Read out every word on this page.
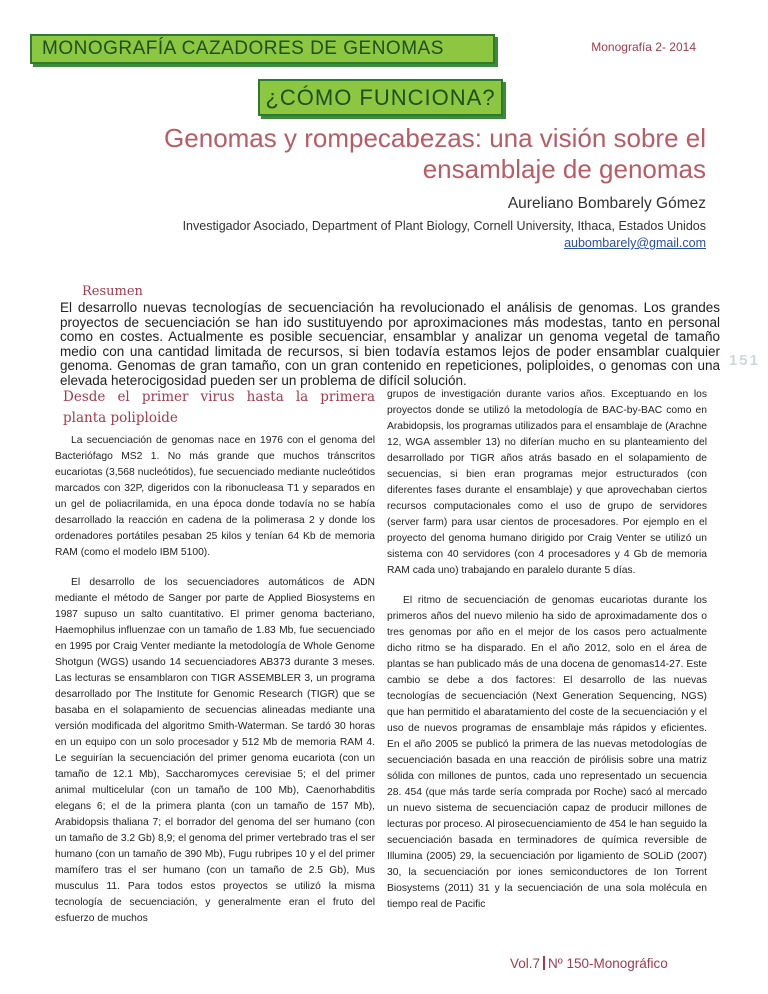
MONOGRAFÍA CAZADORES DE GENOMAS	Monografía 2- 2014
¿CÓMO FUNCIONA?
Genomas y rompecabezas: una visión sobre el ensamblaje de genomas
Aureliano Bombarely Gómez
Investigador Asociado, Department of Plant Biology, Cornell University, Ithaca, Estados Unidos
aubombarely@gmail.com
Resumen
El desarrollo nuevas tecnologías de secuenciación ha revolucionado el análisis de genomas. Los grandes proyectos de secuenciación se han ido sustituyendo por aproximaciones más modestas, tanto en personal como en costes. Actualmente es posible secuenciar, ensamblar y analizar un genoma vegetal de tamaño medio con una cantidad limitada de recursos, si bien todavía estamos lejos de poder ensamblar cualquier genoma. Genomas de gran tamaño, con un gran contenido en repeticiones, poliploides, o genomas con una elevada heterocigosidad pueden ser un problema de difícil solución.
151
Desde el primer virus hasta la primera planta poliploide

La secuenciación de genomas nace en 1976 con el genoma del Bacteriófago MS2 1. No más grande que muchos tránscritos eucariotas (3,568 nucleótidos), fue secuenciado mediante nucleótidos marcados con 32P, digeridos con la ribonucleasa T1 y separados en un gel de poliacrilamida, en una época donde todavía no se había desarrollado la reacción en cadena de la polimerasa 2 y donde los ordenadores portátiles pesaban 25 kilos y tenían 64 Kb de memoria RAM (como el modelo IBM 5100).

El desarrollo de los secuenciadores automáticos de ADN mediante el método de Sanger por parte de Applied Biosystems en 1987 supuso un salto cuantitativo. El primer genoma bacteriano, Haemophilus influenzae con un tamaño de 1.83 Mb, fue secuenciado en 1995 por Craig Venter mediante la metodología de Whole Genome Shotgun (WGS) usando 14 secuenciadores AB373 durante 3 meses. Las lecturas se ensamblaron con TIGR ASSEMBLER 3, un programa desarrollado por The Institute for Genomic Research (TIGR) que se basaba en el solapamiento de secuencias alineadas mediante una versión modificada del algoritmo Smith-Waterman. Se tardó 30 horas en un equipo con un solo procesador y 512 Mb de memoria RAM 4. Le seguirían la secuenciación del primer genoma eucariota (con un tamaño de 12.1 Mb), Saccharomyces cerevisiae 5; el del primer animal multicelular (con un tamaño de 100 Mb), Caenorhabditis elegans 6; el de la primera planta (con un tamaño de 157 Mb), Arabidopsis thaliana 7; el borrador del genoma del ser humano (con un tamaño de 3.2 Gb) 8,9; el genoma del primer vertebrado tras el ser humano (con un tamaño de 390 Mb), Fugu rubripes 10 y el del primer mamífero tras el ser humano (con un tamaño de 2.5 Gb), Mus musculus 11. Para todos estos proyectos se utilizó la misma tecnología de secuenciación, y generalmente eran el fruto del esfuerzo de muchos

grupos de investigación durante varios años. Exceptuando en los proyectos donde se utilizó la metodología de BAC-by-BAC como en Arabidopsis, los programas utilizados para el ensamblaje de (Arachne 12, WGA assembler 13) no diferían mucho en su planteamiento del desarrollado por TIGR años atrás basado en el solapamiento de secuencias, si bien eran programas mejor estructurados (con diferentes fases durante el ensamblaje) y que aprovechaban ciertos recursos computacionales como el uso de grupo de servidores (server farm) para usar cientos de procesadores. Por ejemplo en el proyecto del genoma humano dirigido por Craig Venter se utilizó un sistema con 40 servidores (con 4 procesadores y 4 Gb de memoria RAM cada uno) trabajando en paralelo durante 5 días.

El ritmo de secuenciación de genomas eucariotas durante los primeros años del nuevo milenio ha sido de aproximadamente dos o tres genomas por año en el mejor de los casos pero actualmente dicho ritmo se ha disparado. En el año 2012, solo en el área de plantas se han publicado más de una docena de genomas14-27. Este cambio se debe a dos factores: El desarrollo de las nuevas tecnologías de secuenciación (Next Generation Sequencing, NGS) que han permitido el abaratamiento del coste de la secuenciación y el uso de nuevos programas de ensamblaje más rápidos y eficientes. En el año 2005 se publicó la primera de las nuevas metodologías de secuenciación basada en una reacción de pirólisis sobre una matriz sólida con millones de puntos, cada uno representado un secuencia 28. 454 (que más tarde sería comprada por Roche) sacó al mercado un nuevo sistema de secuenciación capaz de producir millones de lecturas por proceso. Al pirosecuenciamiento de 454 le han seguido la secuenciación basada en terminadores de química reversible de Illumina (2005) 29, la secuenciación por ligamiento de SOLiD (2007) 30, la secuenciación por iones semiconductores de Ion Torrent Biosystems (2011) 31 y la secuenciación de una sola molécula en tiempo real de Pacific

Vol.7 Nº 150-Monográfico
